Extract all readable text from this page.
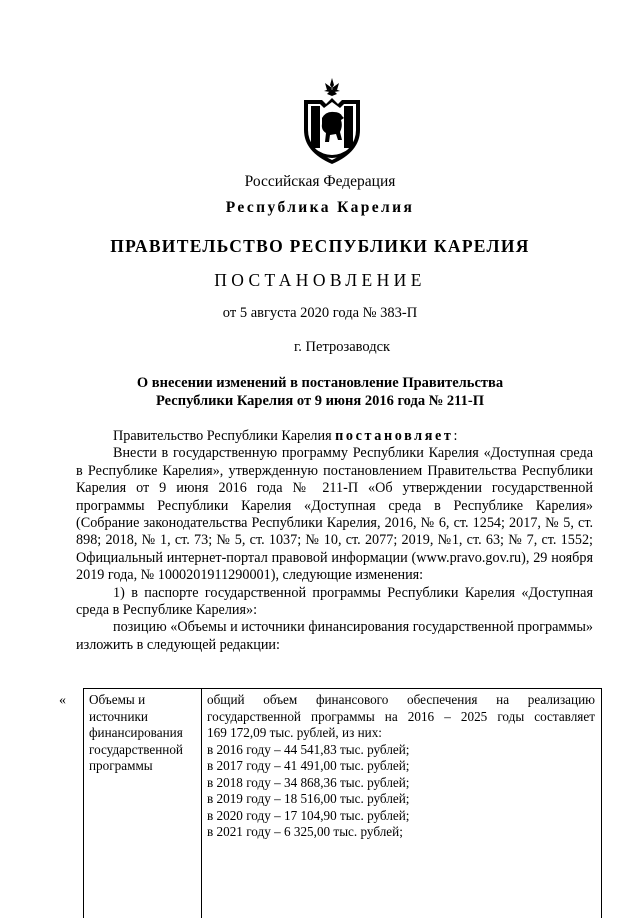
Российская Федерация
Республика Карелия
ПРАВИТЕЛЬСТВО РЕСПУБЛИКИ КАРЕЛИЯ
ПОСТАНОВЛЕНИЕ
от 5 августа 2020 года № 383-П
г. Петрозаводск
О внесении изменений в постановление Правительства
Республики Карелия от 9 июня 2016 года № 211-П

Правительство Республики Карелия постановляет:

Внести в государственную программу Республики Карелия «Доступная среда в Республике Карелия», утвержденную постановлением Правительства Республики Карелия от 9 июня 2016 года № 211-П «Об утверждении государственной программы Республики Карелия «Доступная среда в Республике Карелия» (Собрание законодательства Республики Карелия, 2016, № 6, ст. 1254; 2017, № 5, ст. 898; 2018, № 1, ст. 73; № 5, ст. 1037; № 10, ст. 2077; 2019, №1, ст. 63; № 7, ст. 1552; Официальный интернет-портал правовой информации (www.pravo.gov.ru), 29 ноября 2019 года, № 1000201911290001), следующие изменения:

1) в паспорте государственной программы Республики Карелия «Доступная среда в Республике Карелия»:

позицию «Объемы и источники финансирования государственной программы» изложить в следующей редакции:

« Объемы и
источники
финансирования
государственной
программы
общий объем финансового обеспечения на реализацию
государственной программы на 2016 – 2025 годы составляет
169 172,09 тыс. рублей, из них:
в 2016 году – 44 541,83 тыс. рублей;
в 2017 году – 41 491,00 тыс. рублей;
в 2018 году – 34 868,36 тыс. рублей;
в 2019 году – 18 516,00 тыс. рублей;
в 2020 году – 17 104,90 тыс. рублей;
в 2021 году – 6 325,00 тыс. рублей;
